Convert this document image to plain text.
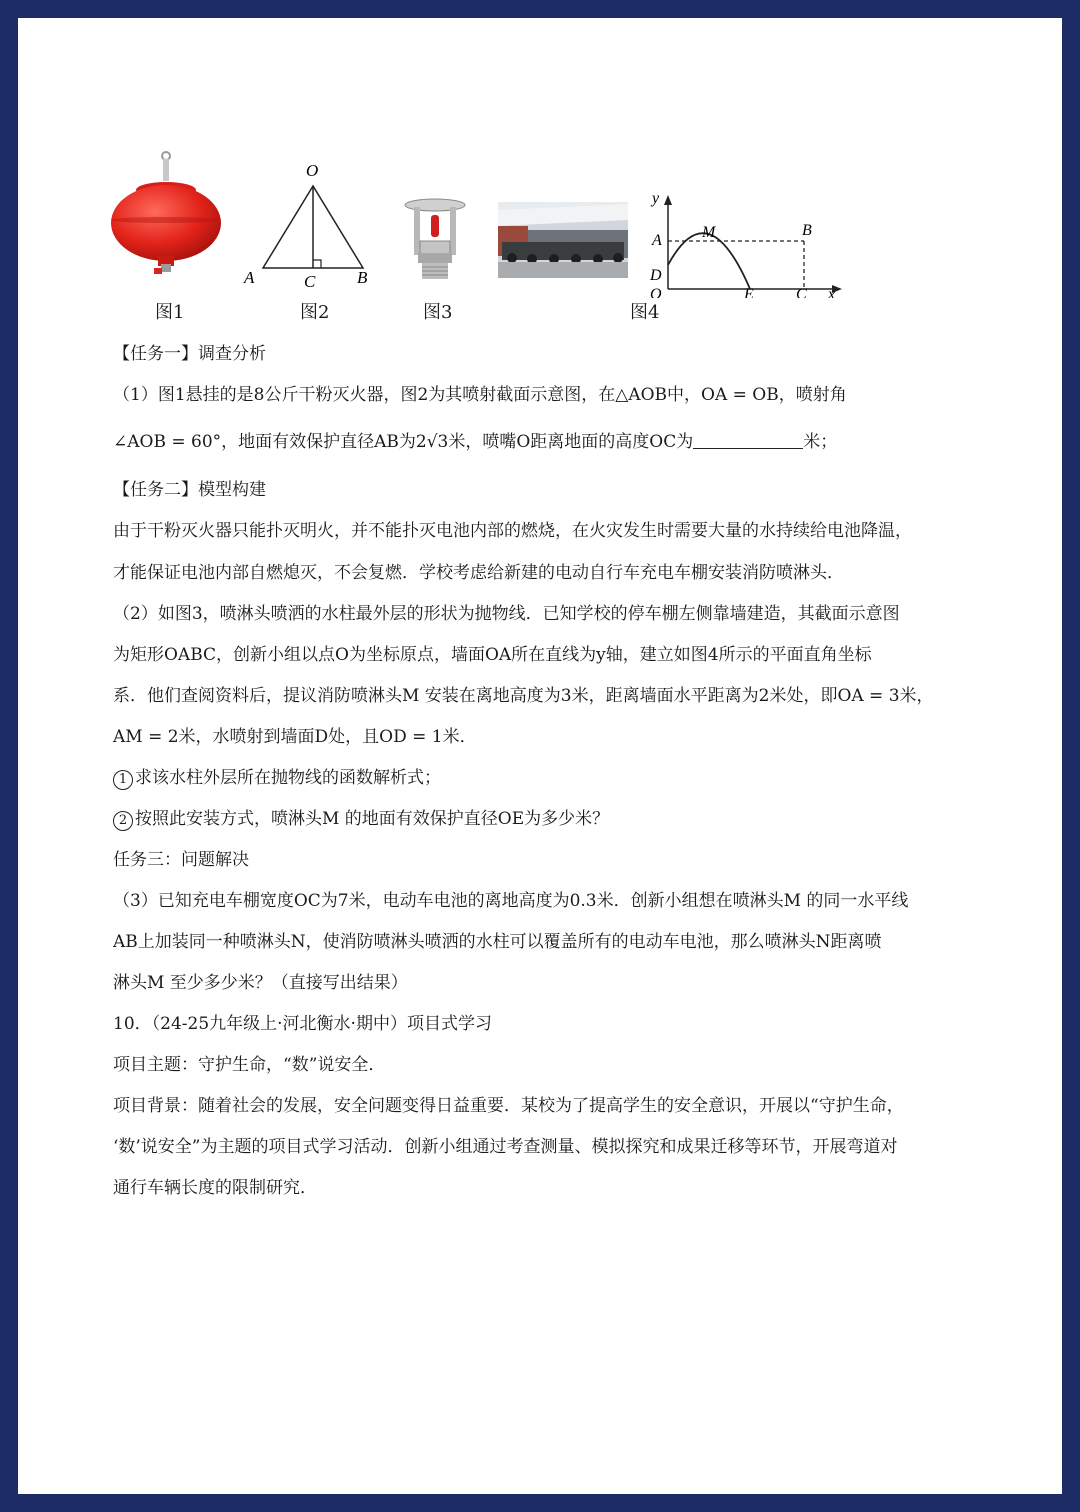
图1
O
A	C B
图2	图3
y
A	M	B
D
O	E	C x
图4
【任务一】调查分析
（1）图1悬挂的是8公斤干粉灭火器，图2为其喷射截面示意图，在△AOB中，OA = OB，喷射角
∠AOB = 60°，地面有效保护直径AB为2√3米，喷嘴O距离地面的高度OC为	米；
【任务二】模型构建
由于干粉灭火器只能扑灭明火，并不能扑灭电池内部的燃烧，在火灾发生时需要大量的水持续给电池降温，
才能保证电池内部自燃熄灭，不会复燃．学校考虑给新建的电动自行车充电车棚安装消防喷淋头．
（2）如图3，喷淋头喷洒的水柱最外层的形状为抛物线．已知学校的停车棚左侧靠墙建造，其截面示意图
为矩形OABC，创新小组以点O为坐标原点，墙面OA所在直线为y轴，建立如图4所示的平面直角坐标
系．他们查阅资料后，提议消防喷淋头M 安装在离地高度为3米，距离墙面水平距离为2米处，即OA = 3米，
AM = 2米，水喷射到墙面D处，且OD = 1米．
1 求该水柱外层所在抛物线的函数解析式；
2 按照此安装方式，喷淋头M 的地面有效保护直径OE为多少米？
任务三：问题解决
（3）已知充电车棚宽度OC为7米，电动车电池的离地高度为0.3米．创新小组想在喷淋头M 的同一水平线
AB上加装同一种喷淋头N，使消防喷淋头喷洒的水柱可以覆盖所有的电动车电池，那么喷淋头N距离喷
淋头M 至少多少米？（直接写出结果）
10．（24-25九年级上·河北衡水·期中）项目式学习
项目主题：守护生命，“数”说安全．
项目背景：随着社会的发展，安全问题变得日益重要．某校为了提高学生的安全意识，开展以“守护生命，
‘数’说安全”为主题的项目式学习活动．创新小组通过考查测量、模拟探究和成果迁移等环节，开展弯道对
通行车辆长度的限制研究．
